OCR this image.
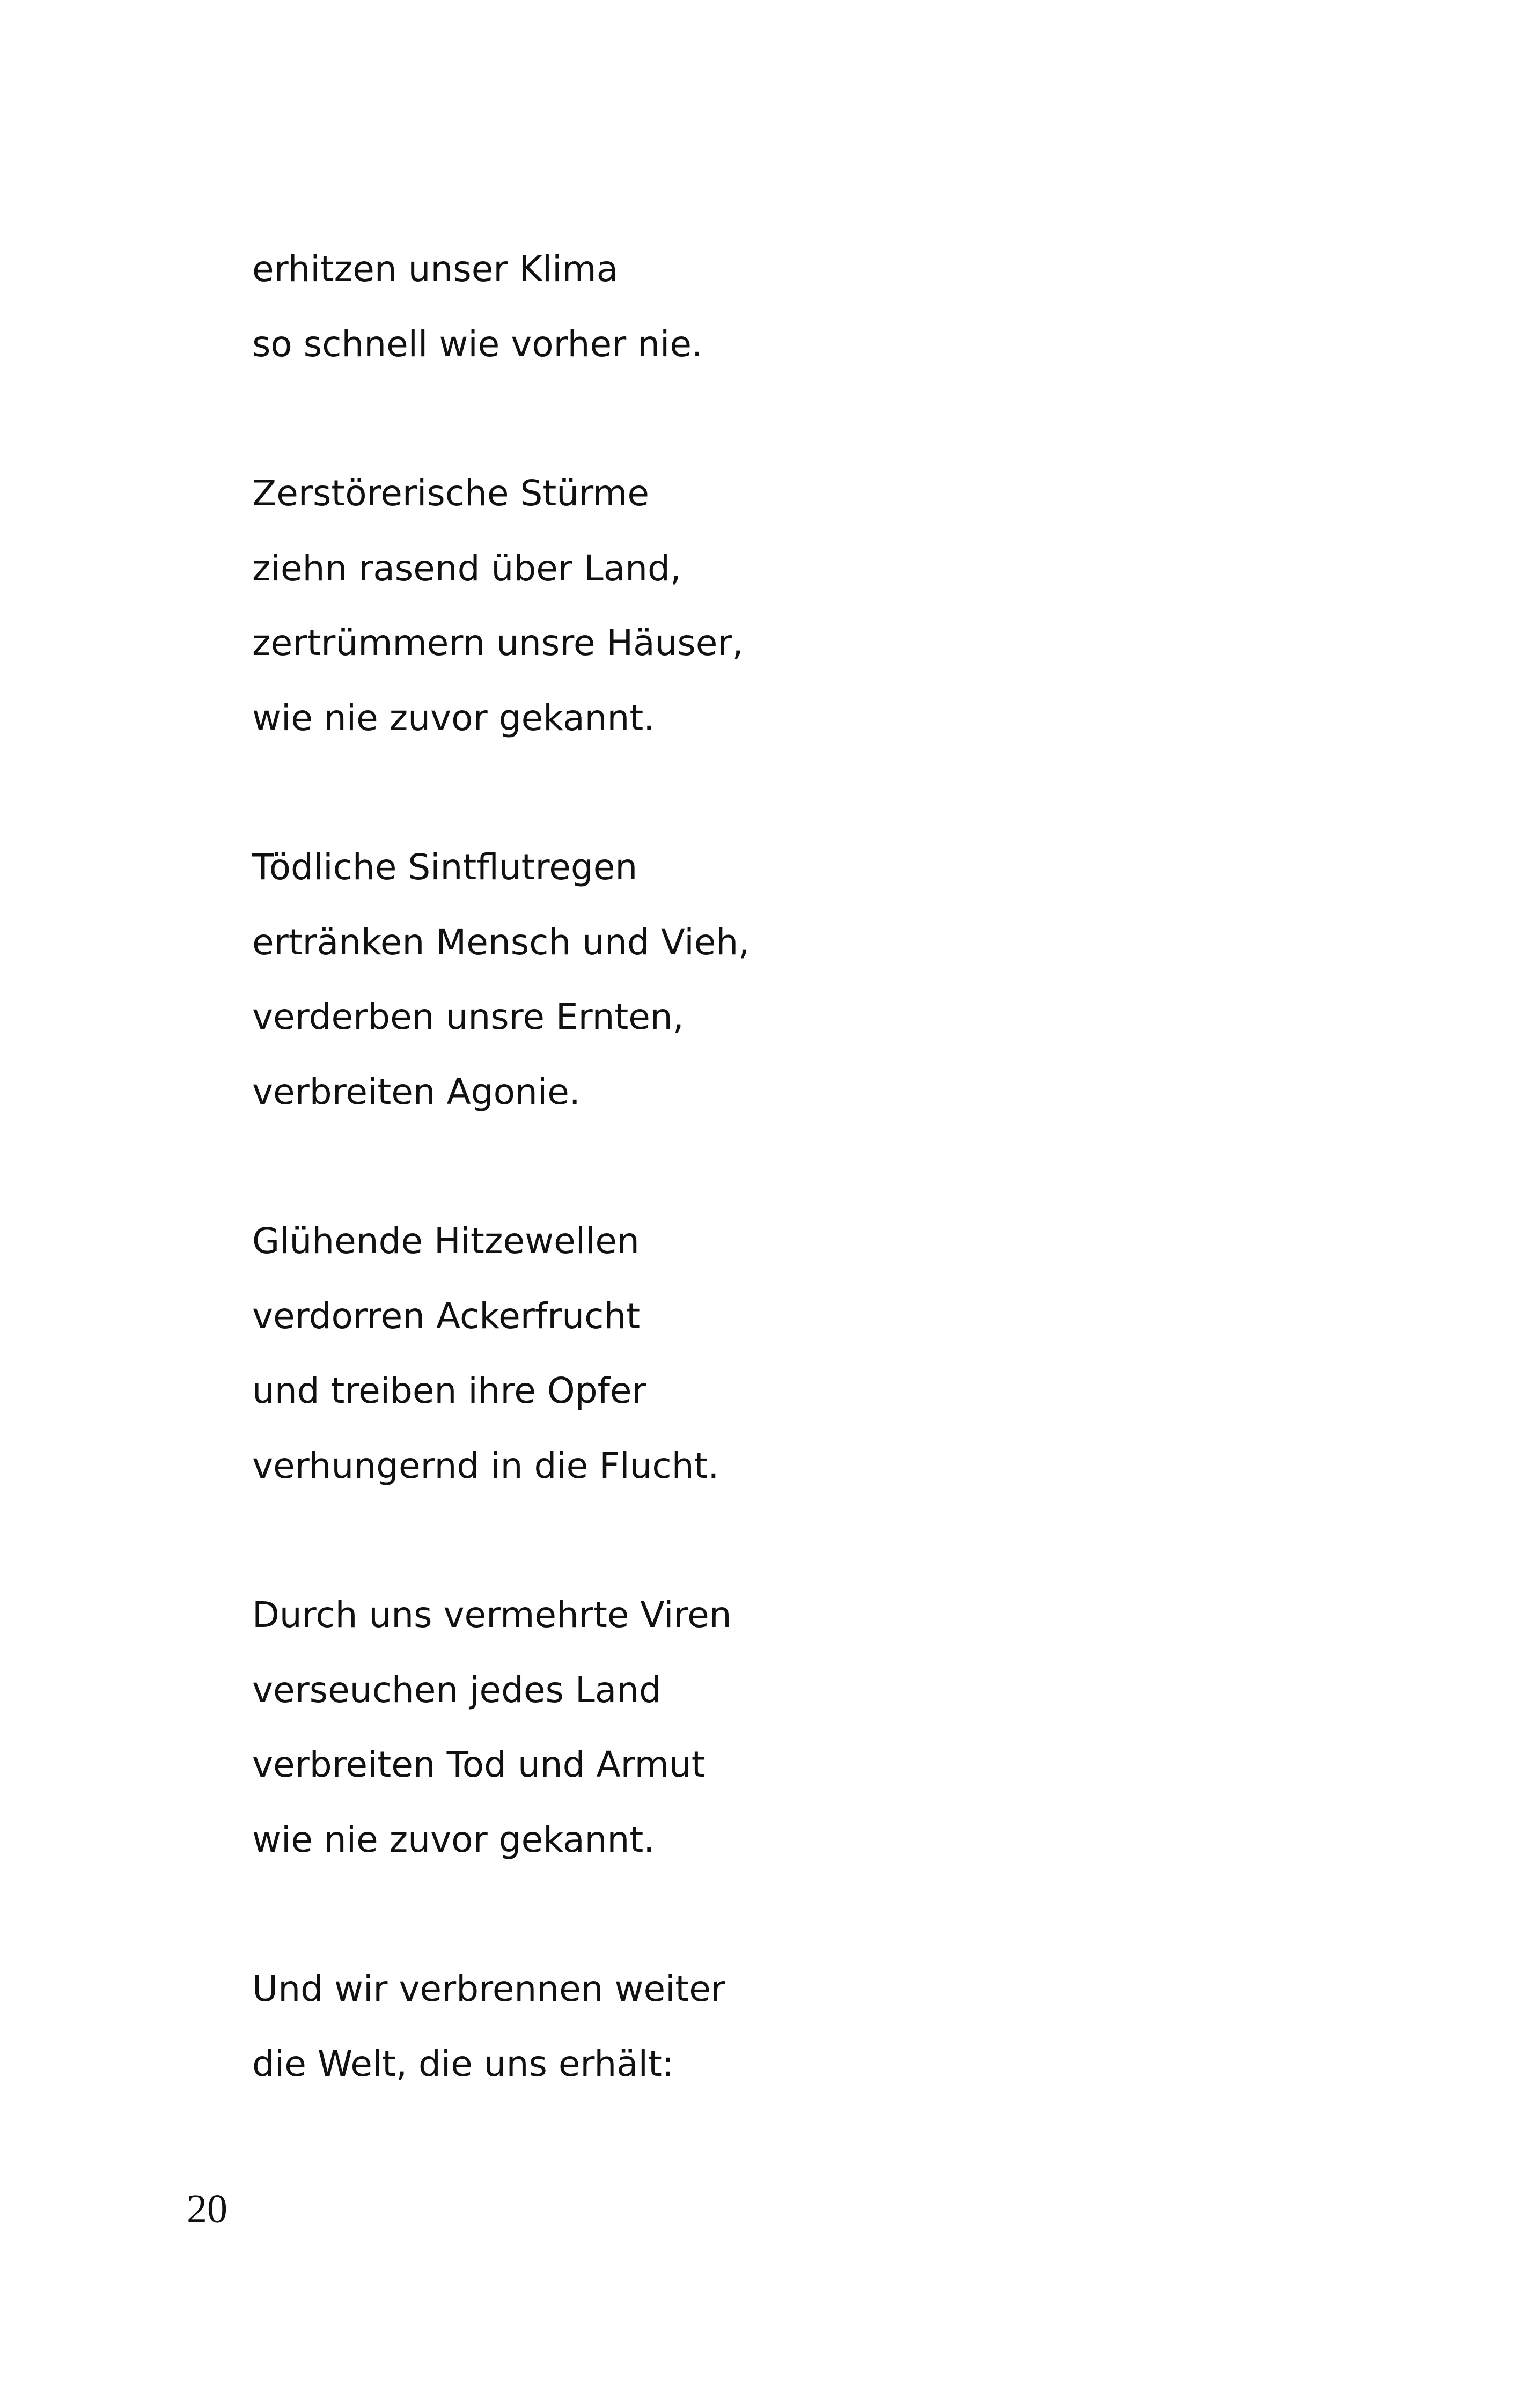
erhitzen unser Klima
so schnell wie vorher nie.
Zerstörerische Stürme
ziehn rasend über Land,
zertrümmern unsre Häuser,
wie nie zuvor gekannt.
Tödliche Sintflutregen
ertränken Mensch und Vieh,
verderben unsre Ernten,
verbreiten Agonie.
Glühende Hitzewellen
verdorren Ackerfrucht
und treiben ihre Opfer
verhungernd in die Flucht.
Durch uns vermehrte Viren
verseuchen jedes Land
verbreiten Tod und Armut
wie nie zuvor gekannt.
Und wir verbrennen weiter
die Welt, die uns erhält:
20
